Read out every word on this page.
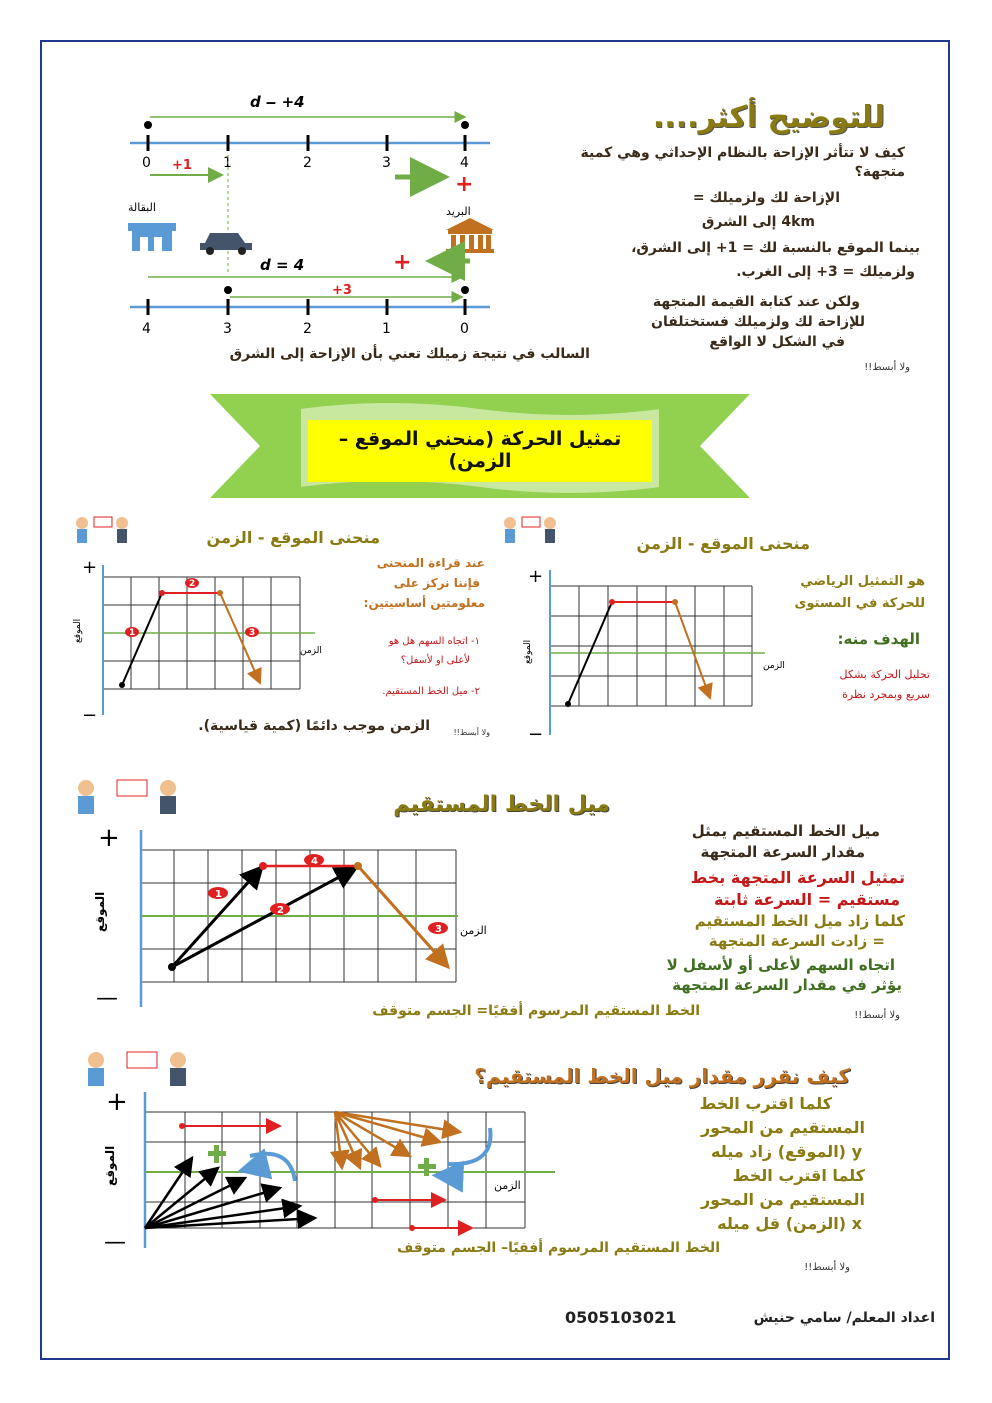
d ‒ +4
0	1	2	3	4
+1
+
البقالة	البريد
d = 4	+
+3
4	3	2	1	0
للتوضيح أكثر....
كيف لا تتأثر الإزاحة بالنظام الإحداثي وهي كمية متجهة؟
الإزاحة لك ولزميلك =
4km إلى الشرق
بينما الموقع بالنسبة لك = 1+ إلى الشرق،
ولزميلك = 3+ إلى الغرب.
ولكن عند كتابة القيمة المتجهة
للإزاحة لك ولزميلك فستختلفان
في الشكل لا الواقع
السالب في نتيجة زميلك تعني بأن الإزاحة إلى الشرق
ولا أبسط!!
تمثيل الحركة (منحني الموقع – الزمن)
منحنى الموقع - الزمن	منحنى الموقع - الزمن
1
2
3
+
−
الموقع
الزمن
عند قراءة المنحنى
فإننا نركز على
معلومتين أساسيتين:
١- اتجاه السهم هل هو
لأعلى او لأسفل؟
٢- ميل الخط المستقيم.
الزمن موجب دائمًا (كمية قياسية).	ولا أبسط!!
+
−
الموقع
الزمن
هو التمثيل الرياضي
للحركة في المستوى
الهدف منه:
تحليل الحركة بشكل
سريع وبمجرد نظرة
ميل الخط المستقيم
1
2
3
4
+
—
الموقع	الزمن
ميل الخط المستقيم يمثل
مقدار السرعة المتجهة
تمثيل السرعة المتجهة بخط
مستقيم = السرعة ثابتة
كلما زاد ميل الخط المستقيم
= زادت السرعة المتجهة
اتجاه السهم لأعلى أو لأسفل لا
يؤثر في مقدار السرعة المتجهة
الخط المستقيم المرسوم أفقيًا= الجسم متوقف	ولا أبسط!!
كيف نقرر مقدار ميل الخط المستقيم؟
+
—
الموقع	الزمن
كلما اقترب الخط
المستقيم من المحور
y (الموقع) زاد ميله
كلما اقترب الخط
المستقيم من المحور
x (الزمن) قل ميله
الخط المستقيم المرسوم أفقيًا– الجسم متوقف
ولا أبسط!!
0505103021	اعداد المعلم/ سامي حنيش
